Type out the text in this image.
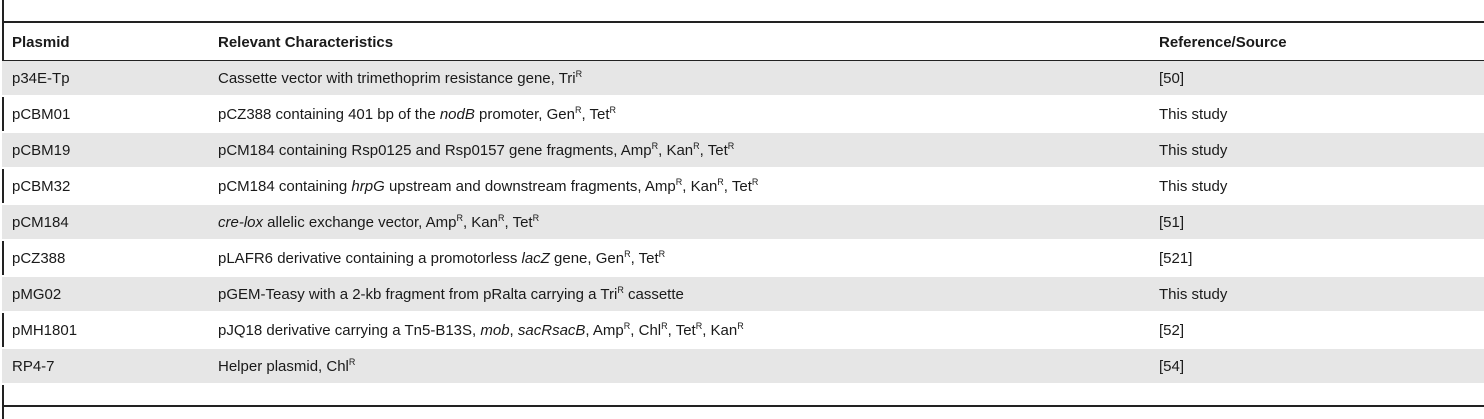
Plasmid	Relevant Characteristics	Reference/Source
p34E-Tp	Cassette vector with trimethoprim resistance gene, Tri$^R$	[50]
pCBM01	pCZ388 containing 401 bp of the nodB promoter, Gen$^R$, Tet$^R$	This study
pCBM19	pCM184 containing Rsp0125 and Rsp0157 gene fragments, Amp$^R$, Kan$^R$, Tet$^R$	This study
pCBM32	pCM184 containing hrpG upstream and downstream fragments, Amp$^R$, Kan$^R$, Tet$^R$	This study
pCM184	cre-lox allelic exchange vector, Amp$^R$, Kan$^R$, Tet$^R$	[51]
pCZ388	pLAFR6 derivative containing a promotorless lacZ gene, Gen$^R$, Tet$^R$	[521]
pMG02	pGEM-Teasy with a 2-kb fragment from pRalta carrying a Tri$^R$ cassette	This study
pMH1801	pJQ18 derivative carrying a Tn5-B13S, mob, sacRsacB, Amp$^R$, Chl$^R$, Tet$^R$, Kan$^R$	[52]
RP4-7	Helper plasmid, Chl$^R$	[54]
